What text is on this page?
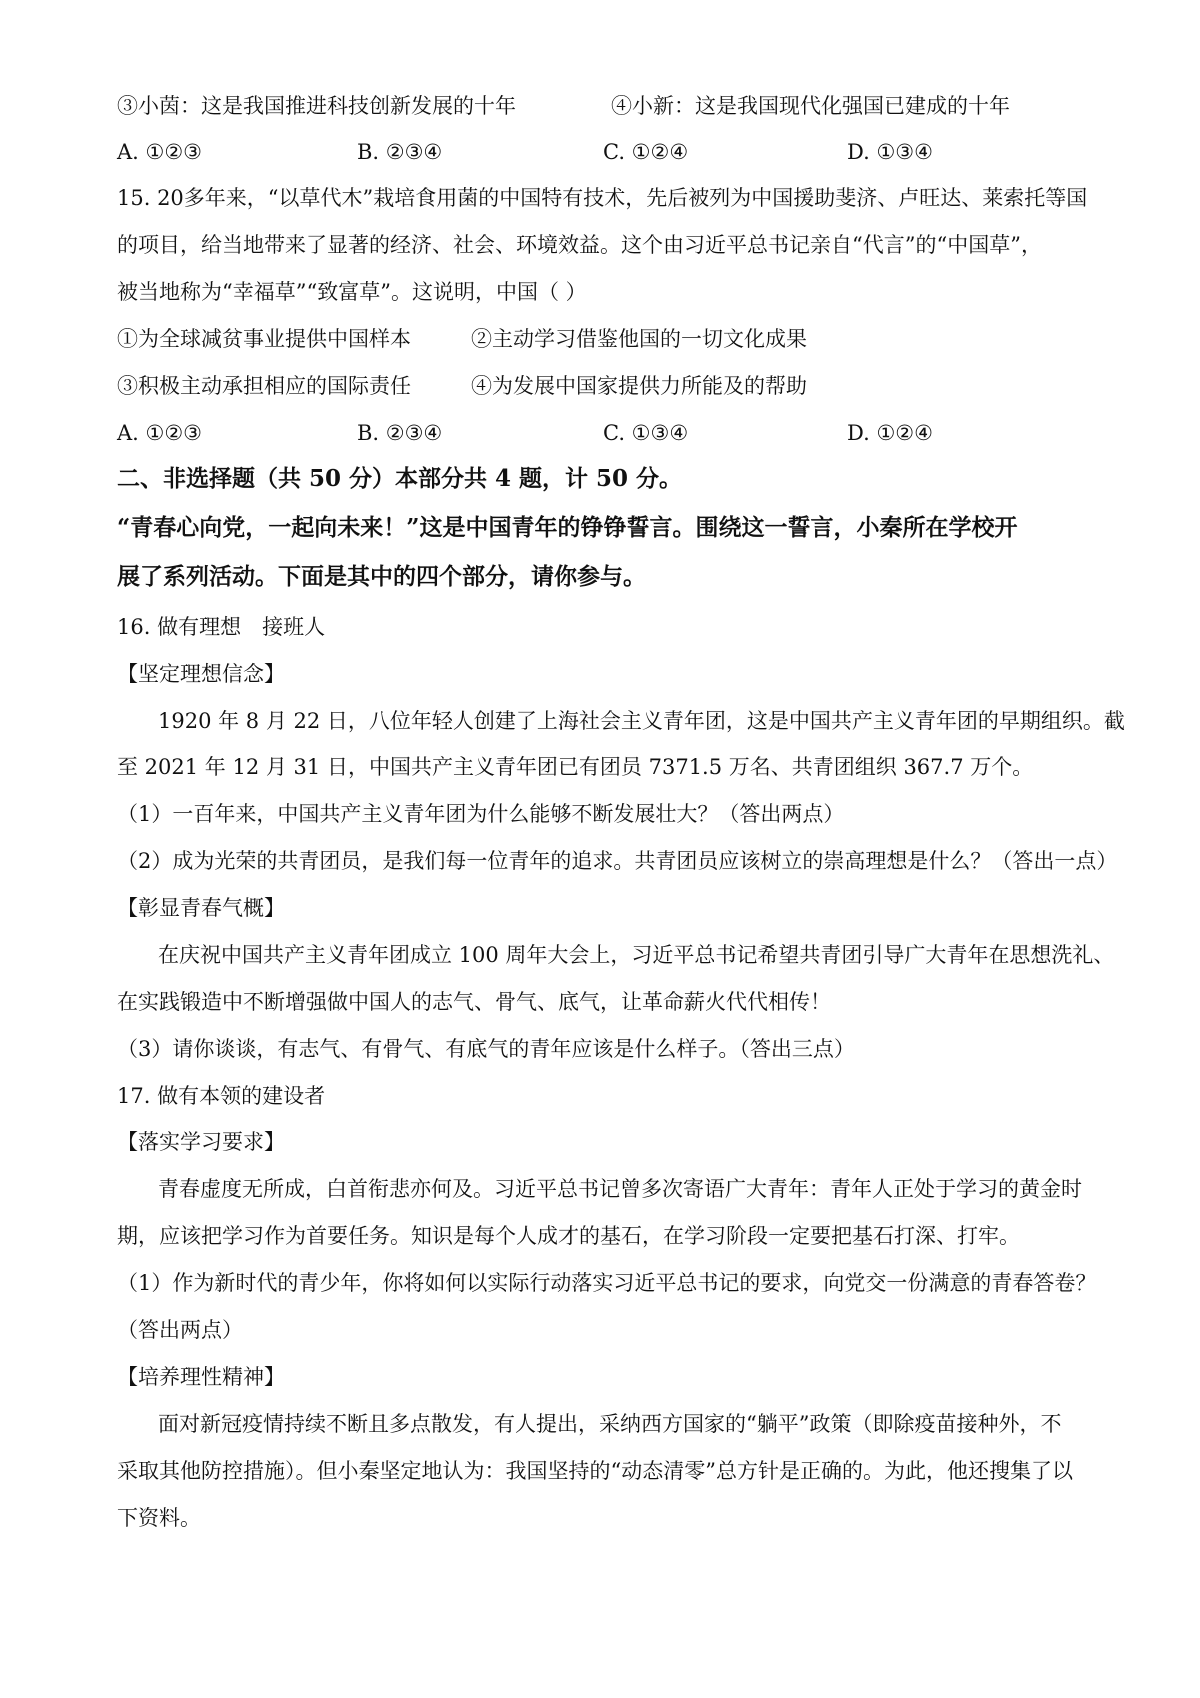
③小茵：这是我国推进科技创新发展的十年	④小新：这是我国现代化强国已建成的十年
A. ①②③	B. ②③④	C. ①②④	D. ①③④
15. 20多年来，“以草代木”栽培食用菌的中国特有技术，先后被列为中国援助斐济、卢旺达、莱索托等国
的项目，给当地带来了显著的经济、社会、环境效益。这个由习近平总书记亲自“代言”的“中国草”，
被当地称为“幸福草”“致富草”。这说明，中国（ ）
①为全球减贫事业提供中国样本	②主动学习借鉴他国的一切文化成果
③积极主动承担相应的国际责任	④为发展中国家提供力所能及的帮助
A. ①②③	B. ②③④	C. ①③④	D. ①②④
二、非选择题（共 50 分）本部分共 4 题，计 50 分。
“青春心向党，一起向未来！”这是中国青年的铮铮誓言。围绕这一誓言，小秦所在学校开
展了系列活动。下面是其中的四个部分，请你参与。
16. 做有理想　接班人
【坚定理想信念】
1920 年 8 月 22 日，八位年轻人创建了上海社会主义青年团，这是中国共产主义青年团的早期组织。截
至 2021 年 12 月 31 日，中国共产主义青年团已有团员 7371.5 万名、共青团组织 367.7 万个。
（1）一百年来，中国共产主义青年团为什么能够不断发展壮大？（答出两点）
（2）成为光荣的共青团员，是我们每一位青年的追求。共青团员应该树立的崇高理想是什么？（答出一点）
【彰显青春气概】
在庆祝中国共产主义青年团成立 100 周年大会上，习近平总书记希望共青团引导广大青年在思想洗礼、
在实践锻造中不断增强做中国人的志气、骨气、底气，让革命薪火代代相传！
（3）请你谈谈，有志气、有骨气、有底气的青年应该是什么样子。（答出三点）
17. 做有本领的建设者
【落实学习要求】
青春虚度无所成，白首衔悲亦何及。习近平总书记曾多次寄语广大青年：青年人正处于学习的黄金时
期，应该把学习作为首要任务。知识是每个人成才的基石，在学习阶段一定要把基石打深、打牢。
（1）作为新时代的青少年，你将如何以实际行动落实习近平总书记的要求，向党交一份满意的青春答卷？
（答出两点）
【培养理性精神】
面对新冠疫情持续不断且多点散发，有人提出，采纳西方国家的“躺平”政策（即除疫苗接种外，不
采取其他防控措施）。但小秦坚定地认为：我国坚持的“动态清零”总方针是正确的。为此，他还搜集了以
下资料。
